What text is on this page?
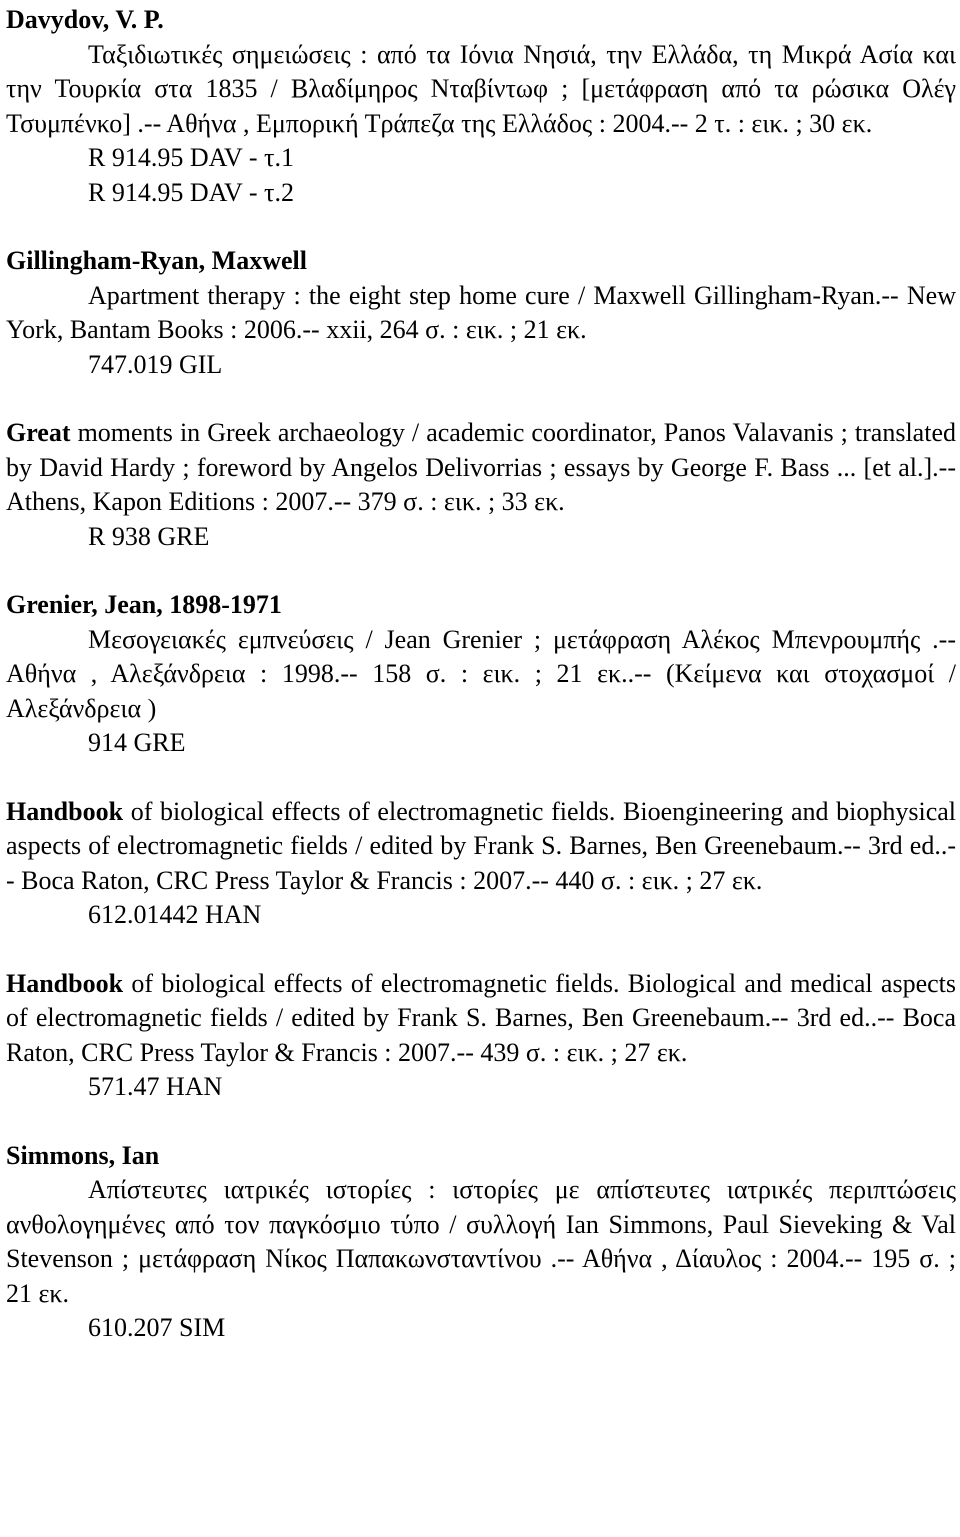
Davydov, V. P.

Ταξιδιωτικές σημειώσεις : από τα Ιόνια Νησιά, την Ελλάδα, τη Μικρά Ασία και την Τουρκία στα 1835 / Βλαδίμηρος Νταβίντωφ ; [μετάφραση από τα ρώσικα Ολέγ Τσυμπένκο] .-- Αθήνα , Εμπορική Τράπεζα της Ελλάδος : 2004.-- 2 τ. : εικ. ; 30 εκ.

R 914.95 DAV - τ.1
R 914.95 DAV - τ.2
Gillingham-Ryan, Maxwell

Apartment therapy : the eight step home cure / Maxwell Gillingham-Ryan.-- New York, Bantam Books : 2006.-- xxii, 264 σ. : εικ. ; 21 εκ.

747.019 GIL

Great moments in Greek archaeology / academic coordinator, Panos Valavanis ; translated by David Hardy ; foreword by Angelos Delivorrias ; essays by George F. Bass ... [et al.].-- Athens, Kapon Editions : 2007.-- 379 σ. : εικ. ; 33 εκ.

R 938 GRE
Grenier, Jean, 1898-1971

Μεσογειακές εμπνεύσεις / Jean Grenier ; μετάφραση Αλέκος Μπενρουμπής .-- Αθήνα , Αλεξάνδρεια : 1998.-- 158 σ. : εικ. ; 21 εκ..-- (Κείμενα και στοχασμοί / Αλεξάνδρεια )

914 GRE

Handbook of biological effects of electromagnetic fields. Bioengineering and biophysical aspects of electromagnetic fields / edited by Frank S. Barnes, Ben Greenebaum.-- 3rd ed..-- Boca Raton, CRC Press Taylor & Francis : 2007.-- 440 σ. : εικ. ; 27 εκ.

612.01442 HAN

Handbook of biological effects of electromagnetic fields. Biological and medical aspects of electromagnetic fields / edited by Frank S. Barnes, Ben Greenebaum.-- 3rd ed..-- Boca Raton, CRC Press Taylor & Francis : 2007.-- 439 σ. : εικ. ; 27 εκ.

571.47 HAN
Simmons, Ian

Απίστευτες ιατρικές ιστορίες : ιστορίες με απίστευτες ιατρικές περιπτώσεις ανθολογημένες από τον παγκόσμιο τύπο / συλλογή Ian Simmons, Paul Sieveking & Val Stevenson ; μετάφραση Νίκος Παπακωνσταντίνου .-- Αθήνα , Δίαυλος : 2004.-- 195 σ. ; 21 εκ.

610.207 SIM
